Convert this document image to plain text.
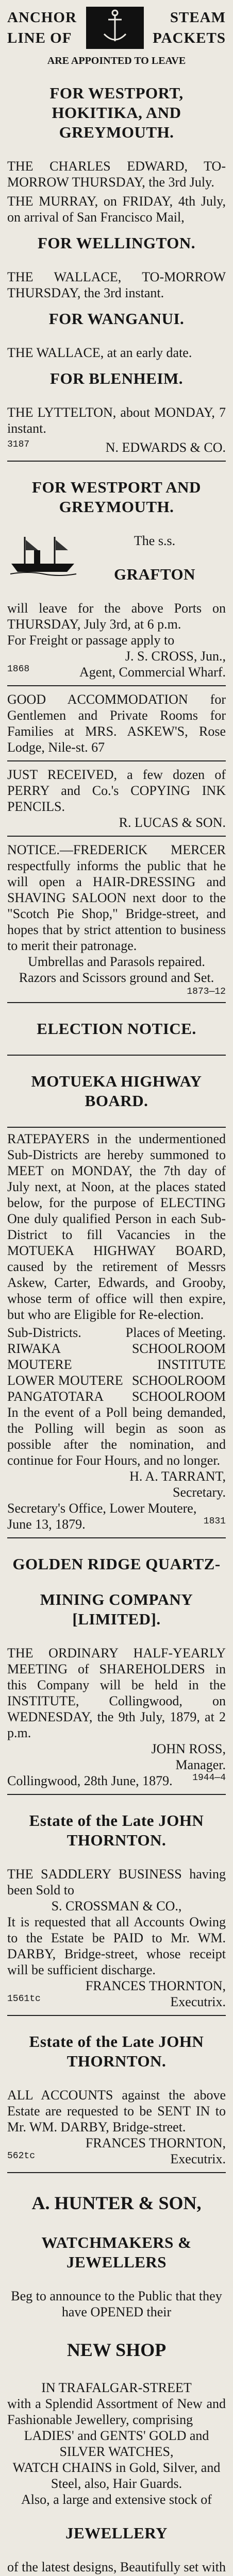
ANCHOR
LINE OF
STEAM
PACKETS

ARE APPOINTED TO LEAVE

FOR WESTPORT, HOKITIKA, AND GREYMOUTH.

THE CHARLES EDWARD, TO-MORROW THURSDAY, the 3rd July.

THE MURRAY, on FRIDAY, 4th July, on arrival of San Francisco Mail,

FOR WELLINGTON.

THE WALLACE, TO-MORROW THURSDAY, the 3rd instant.

FOR WANGANUI.

THE WALLACE, at an early date.

FOR BLENHEIM.

THE LYTTELTON, about MONDAY, 7 instant.

3187	N. EDWARDS & CO.

FOR WESTPORT AND GREYMOUTH.

The s.s.

GRAFTON

will leave for the above Ports on THURSDAY, July 3rd, at 6 p.m.

For Freight or passage apply to

J. S. CROSS, Jun.,

1868	Agent, Commercial Wharf.

GOOD ACCOMMODATION for Gentlemen and Private Rooms for Families at MRS. ASKEW'S, Rose Lodge, Nile-st. 67

JUST RECEIVED, a few dozen of PERRY and Co.'s COPYING INK PENCILS.

R. LUCAS & SON.

NOTICE.—FREDERICK MERCER respectfully informs the public that he will open a HAIR-DRESSING and SHAVING SALOON next door to the "Scotch Pie Shop," Bridge-street, and hopes that by strict attention to business to merit their patronage.

Umbrellas and Parasols repaired.

Razors and Scissors ground and Set.

1873—12

ELECTION NOTICE.

MOTUEKA HIGHWAY BOARD.

RATEPAYERS in the undermentioned Sub-Districts are hereby summoned to MEET on MONDAY, the 7th day of July next, at Noon, at the places stated below, for the purpose of ELECTING One duly qualified Person in each Sub-District to fill Vacancies in the MOTUEKA HIGHWAY BOARD, caused by the retirement of Messrs Askew, Carter, Edwards, and Grooby, whose term of office will then expire, but who are Eligible for Re-election.

Sub-Districts.	Places of Meeting.
RIWAKA	SCHOOLROOM
MOUTERE	INSTITUTE
LOWER MOUTERE SCHOOLROOM
PANGATOTARA SCHOOLROOM

In the event of a Poll being demanded, the Polling will begin as soon as possible after the nomination, and continue for Four Hours, and no longer.

H. A. TARRANT,

Secretary.

Secretary's Office, Lower Moutere,

June 13, 1879.	1831

GOLDEN RIDGE QUARTZ-

MINING COMPANY [LIMITED].

THE ORDINARY HALF-YEARLY MEETING of SHAREHOLDERS in this Company will be held in the INSTITUTE, Collingwood, on WEDNESDAY, the 9th July, 1879, at 2 p.m.

JOHN ROSS,

Manager.

Collingwood, 28th June, 1879. 1944—4

Estate of the Late JOHN THORNTON.

THE SADDLERY BUSINESS having been Sold to

S. CROSSMAN & CO.,

It is requested that all Accounts Owing to the Estate be PAID to Mr. WM. DARBY, Bridge-street, whose receipt will be sufficient discharge.

FRANCES THORNTON,

1561tc	Executrix.

Estate of the Late JOHN THORNTON.

ALL ACCOUNTS against the above Estate are requested to be SENT IN to Mr. WM. DARBY, Bridge-street.

FRANCES THORNTON,

562tc	Executrix.

A. HUNTER & SON,

WATCHMAKERS & JEWELLERS

Beg to announce to the Public that they have OPENED their

NEW SHOP

IN TRAFALGAR-STREET

with a Splendid Assortment of New and Fashionable Jewellery, comprising

LADIES' and GENTS' GOLD and SILVER WATCHES,

WATCH CHAINS in Gold, Silver, and Steel, also, Hair Guards.

Also, a large and extensive stock of

JEWELLERY

of the latest designs, Beautifully set with
